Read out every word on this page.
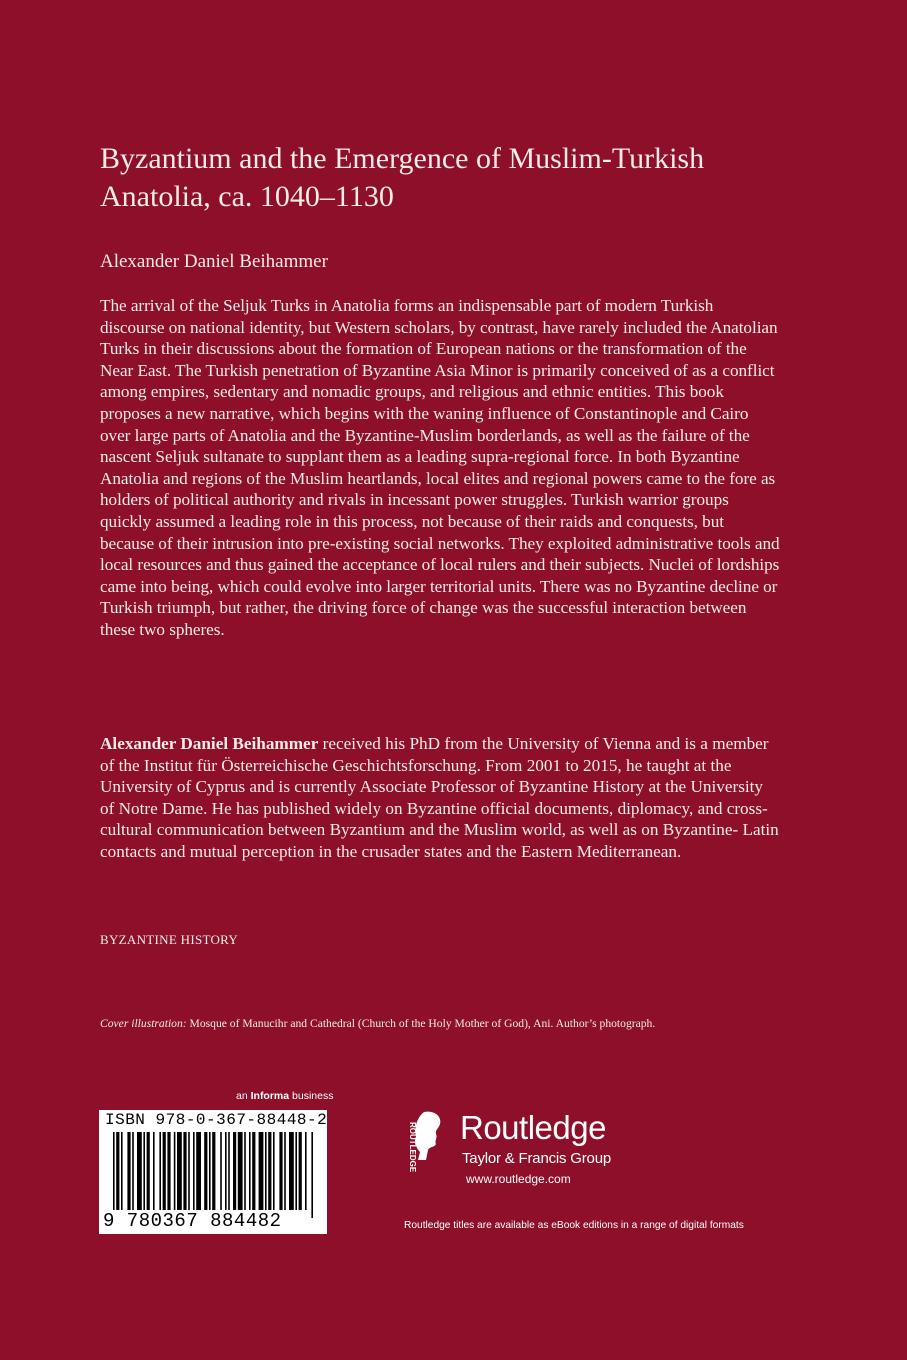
Byzantium and the Emergence of Muslim-Turkish Anatolia, ca. 1040–1130
Alexander Daniel Beihammer

The arrival of the Seljuk Turks in Anatolia forms an indispensable part of modern Turkish discourse on national identity, but Western scholars, by contrast, have rarely included the Anatolian Turks in their discussions about the formation of European nations or the transformation of the Near East. The Turkish penetration of Byzantine Asia Minor is primarily conceived of as a conflict among empires, sedentary and nomadic groups, and religious and ethnic entities. This book proposes a new narrative, which begins with the waning influence of Constantinople and Cairo over large parts of Anatolia and the Byzantine-Muslim borderlands, as well as the failure of the nascent Seljuk sultanate to supplant them as a leading supra-regional force. In both Byzantine Anatolia and regions of the Muslim heartlands, local elites and regional powers came to the fore as holders of political authority and rivals in incessant power struggles. Turkish warrior groups quickly assumed a leading role in this process, not because of their raids and conquests, but because of their intrusion into pre-existing social networks. They exploited administrative tools and local resources and thus gained the acceptance of local rulers and their subjects. Nuclei of lordships came into being, which could evolve into larger territorial units. There was no Byzantine decline or Turkish triumph, but rather, the driving force of change was the successful interaction between these two spheres.

Alexander Daniel Beihammer received his PhD from the University of Vienna and is a member of the Institut für Österreichische Geschichtsforschung. From 2001 to 2015, he taught at the University of Cyprus and is currently Associate Professor of Byzantine History at the University of Notre Dame. He has published widely on Byzantine official documents, diplomacy, and cross- cultural communication between Byzantium and the Muslim world, as well as on Byzantine- Latin contacts and mutual perception in the crusader states and the Eastern Mediterranean.

BYZANTINE HISTORY
Cover illustration: Mosque of Manucihr and Cathedral (Church of the Holy Mother of God), Ani. Author’s photograph.
an Informa business
ISBN 978-0-367-88448-2
9 780367 884482
ROUTLEDGE Routledge
Taylor & Francis Group
www.routledge.com
Routledge titles are available as eBook editions in a range of digital formats
